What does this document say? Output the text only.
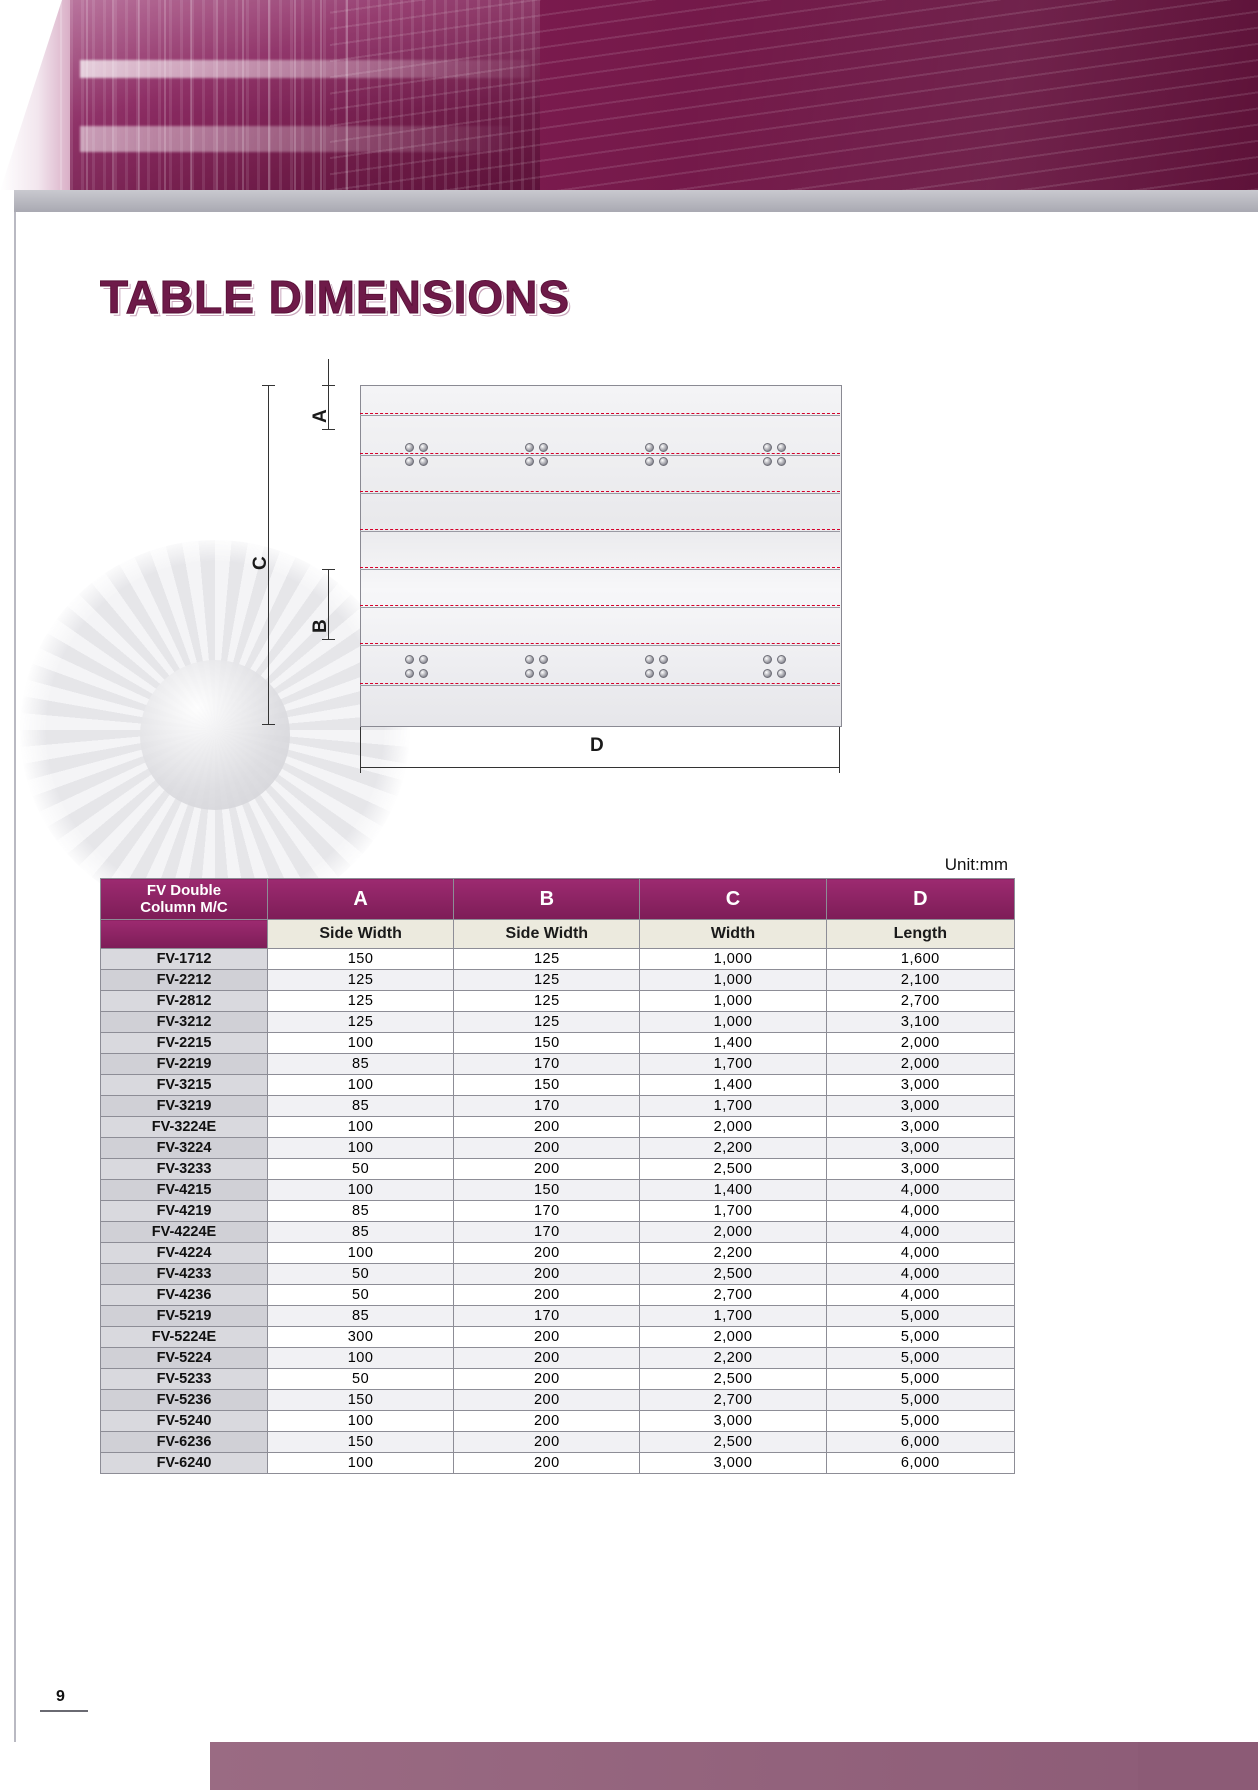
TABLE DIMENSIONS
C
A
B
D
Unit:mm
FV Double
Column M/C	A	B	C	D
	Side Width	Side Width	Width	Length
FV-1712	150	125	1,000	1,600
FV-2212	125	125	1,000	2,100
FV-2812	125	125	1,000	2,700
FV-3212	125	125	1,000	3,100
FV-2215	100	150	1,400	2,000
FV-2219	85	170	1,700	2,000
FV-3215	100	150	1,400	3,000
FV-3219	85	170	1,700	3,000
FV-3224E	100	200	2,000	3,000
FV-3224	100	200	2,200	3,000
FV-3233	50	200	2,500	3,000
FV-4215	100	150	1,400	4,000
FV-4219	85	170	1,700	4,000
FV-4224E	85	170	2,000	4,000
FV-4224	100	200	2,200	4,000
FV-4233	50	200	2,500	4,000
FV-4236	50	200	2,700	4,000
FV-5219	85	170	1,700	5,000
FV-5224E	300	200	2,000	5,000
FV-5224	100	200	2,200	5,000
FV-5233	50	200	2,500	5,000
FV-5236	150	200	2,700	5,000
FV-5240	100	200	3,000	5,000
FV-6236	150	200	2,500	6,000
FV-6240	100	200	3,000	6,000
9
